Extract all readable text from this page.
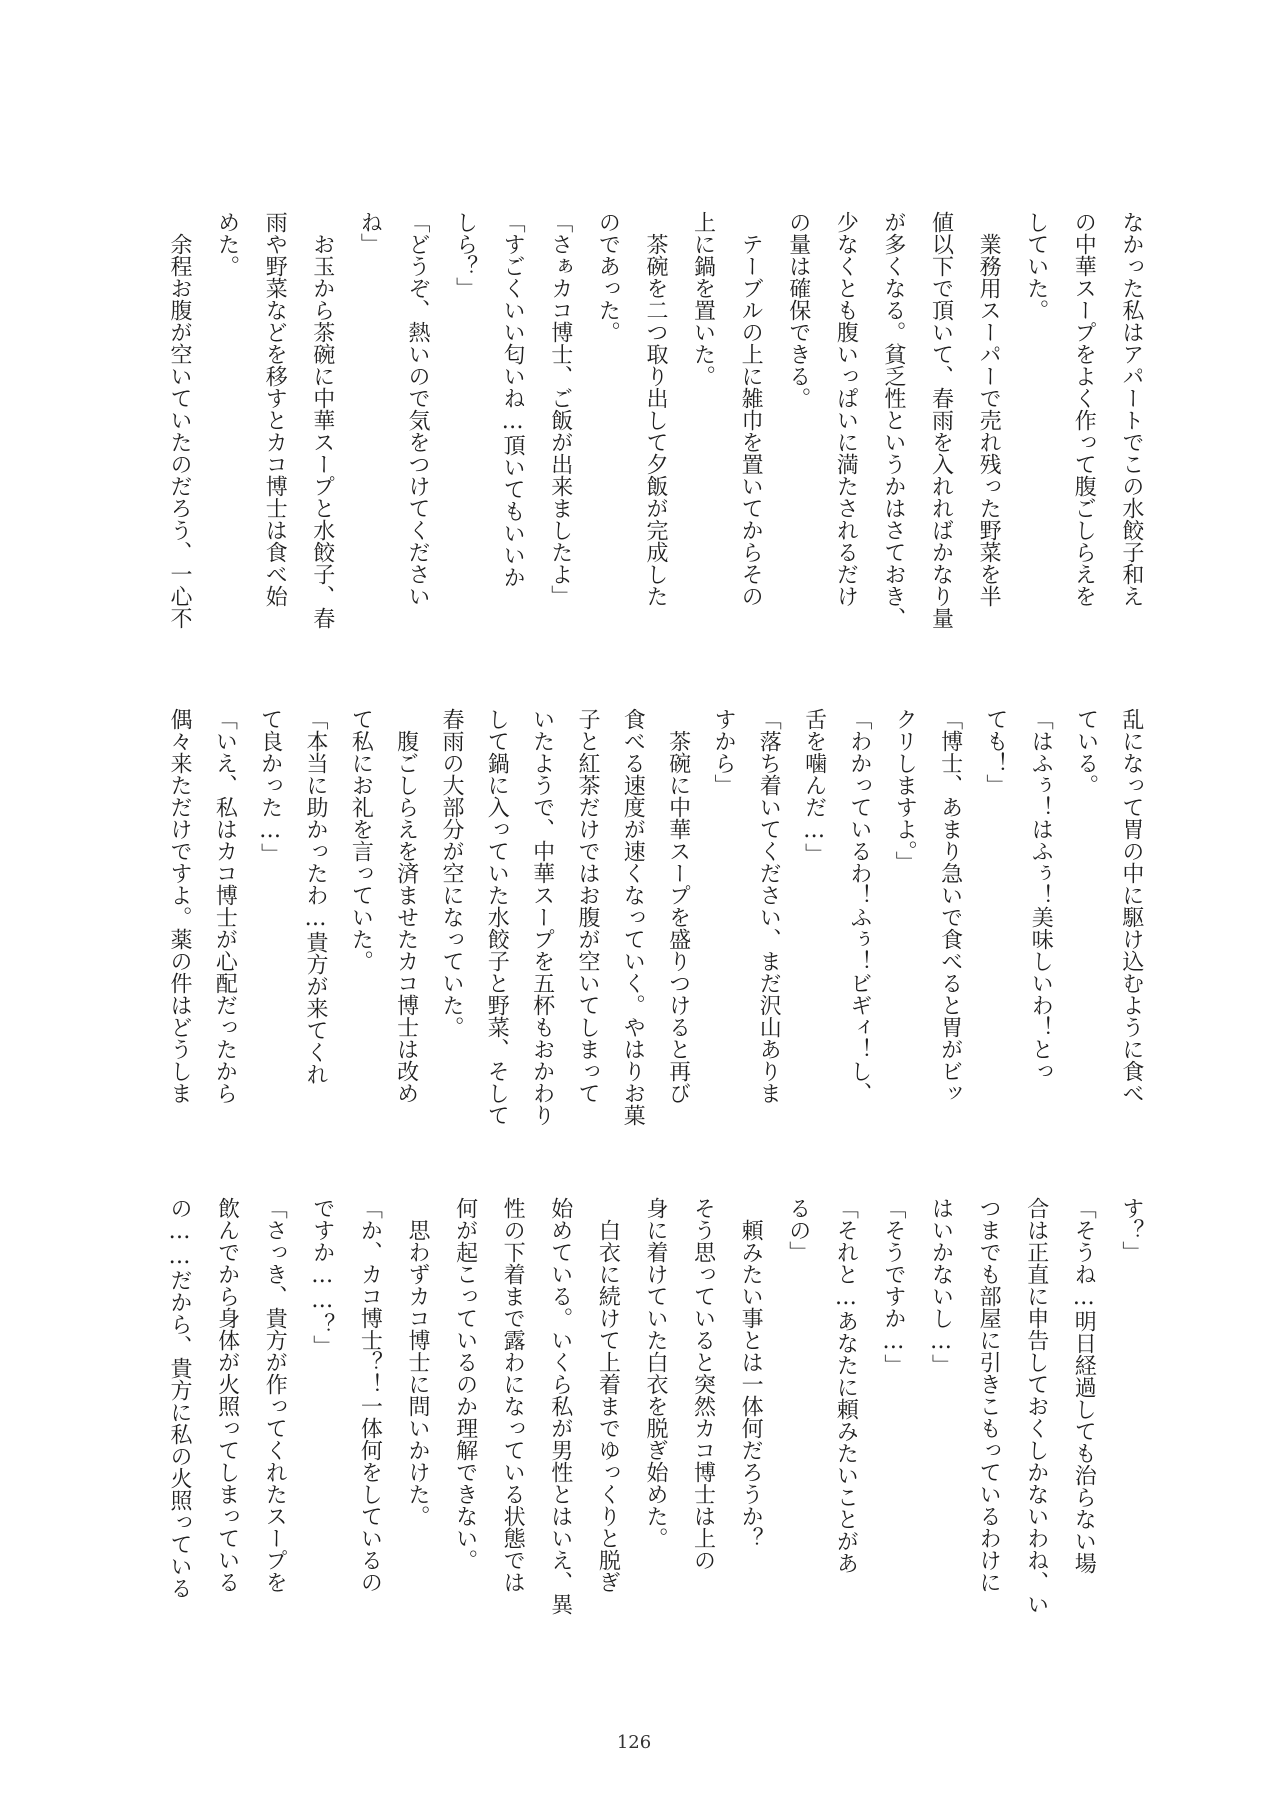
なかった私はアパートでこの水餃子和え
の中華スープをよく作って腹ごしらえを
していた。
　業務用スーパーで売れ残った野菜を半
値以下で頂いて、春雨を入れればかなり量
が多くなる。貧乏性というかはさておき、
少なくとも腹いっぱいに満たされるだけ
の量は確保できる。
　テーブルの上に雑巾を置いてからその
上に鍋を置いた。
　茶碗を二つ取り出して夕飯が完成した
のであった。
「さぁカコ博士、ご飯が出来ましたよ」
「すごくいい匂いね…頂いてもいいか
しら？」
「どうぞ、熱いので気をつけてください
ね」
　お玉から茶碗に中華スープと水餃子、春
雨や野菜などを移すとカコ博士は食べ始
めた。
　余程お腹が空いていたのだろう、一心不
乱になって胃の中に駆け込むように食べ
ている。
「はふぅ！はふぅ！美味しいわ！とっ
ても！」
「博士、あまり急いで食べると胃がビッ
クリしますよ。」
「わかっているわ！ふぅ！ビギィ！し、
舌を噛んだ…」
「落ち着いてください、まだ沢山ありま
すから」
　茶碗に中華スープを盛りつけると再び
食べる速度が速くなっていく。やはりお菓
子と紅茶だけではお腹が空いてしまって
いたようで、中華スープを五杯もおかわり
して鍋に入っていた水餃子と野菜、そして
春雨の大部分が空になっていた。
　腹ごしらえを済ませたカコ博士は改め
て私にお礼を言っていた。
「本当に助かったわ…貴方が来てくれ
て良かった…」
「いえ、私はカコ博士が心配だったから
偶々来ただけですよ。薬の件はどうしま
す？」
「そうね…明日経過しても治らない場
合は正直に申告しておくしかないわね、い
つまでも部屋に引きこもっているわけに
はいかないし…」
「そうですか…」
「それと…あなたに頼みたいことがあ
るの」
　頼みたい事とは一体何だろうか？
そう思っていると突然カコ博士は上の
身に着けていた白衣を脱ぎ始めた。
　白衣に続けて上着までゆっくりと脱ぎ
始めている。いくら私が男性とはいえ、異
性の下着まで露わになっている状態では
何が起こっているのか理解できない。
　思わずカコ博士に問いかけた。
「か、カコ博士？！一体何をしているの
ですか……？」
「さっき、貴方が作ってくれたスープを
飲んでから身体が火照ってしまっている
の……だから、貴方に私の火照っている
126
